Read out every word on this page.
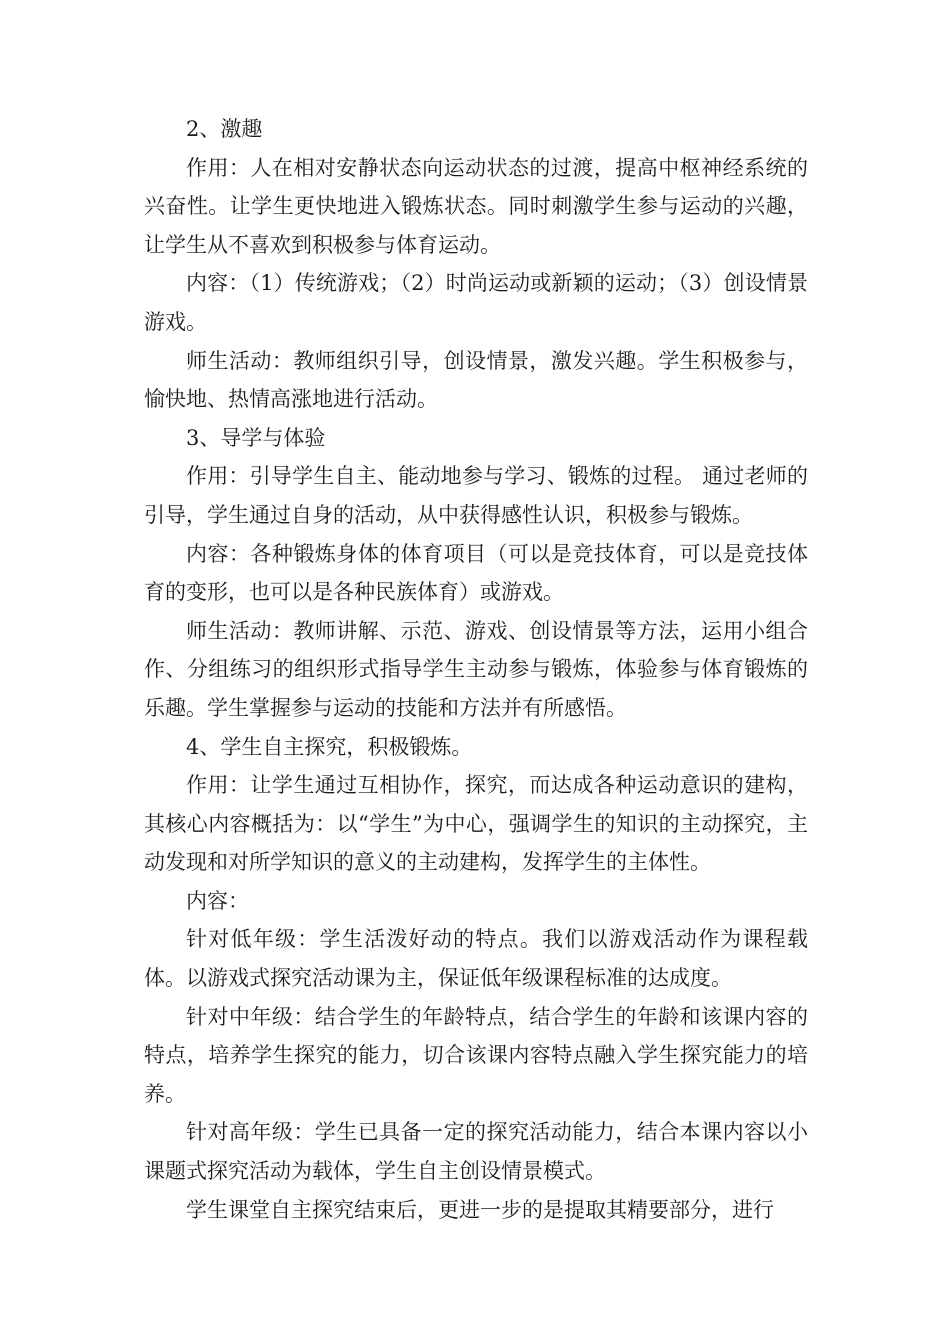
2、激趣

作用：人在相对安静状态向运动状态的过渡，提高中枢神经系统的兴奋性。让学生更快地进入锻炼状态。同时刺激学生参与运动的兴趣，让学生从不喜欢到积极参与体育运动。

内容：（1）传统游戏；（2）时尚运动或新颖的运动；（3）创设情景游戏。

师生活动：教师组织引导，创设情景，激发兴趣。学生积极参与，愉快地、热情高涨地进行活动。

3、导学与体验

作用：引导学生自主、能动地参与学习、锻炼的过程。 通过老师的引导，学生通过自身的活动，从中获得感性认识，积极参与锻炼。

内容：各种锻炼身体的体育项目（可以是竞技体育，可以是竞技体育的变形，也可以是各种民族体育）或游戏。

师生活动：教师讲解、示范、游戏、创设情景等方法，运用小组合作、分组练习的组织形式指导学生主动参与锻炼，体验参与体育锻炼的乐趣。学生掌握参与运动的技能和方法并有所感悟。

4、学生自主探究，积极锻炼。

作用：让学生通过互相协作，探究，而达成各种运动意识的建构，其核心内容概括为：以“学生”为中心，强调学生的知识的主动探究，主动发现和对所学知识的意义的主动建构，发挥学生的主体性。

内容：

针对低年级：学生活泼好动的特点。我们以游戏活动作为课程载体。以游戏式探究活动课为主，保证低年级课程标准的达成度。

针对中年级：结合学生的年龄特点，结合学生的年龄和该课内容的特点，培养学生探究的能力，切合该课内容特点融入学生探究能力的培养。

针对高年级：学生已具备一定的探究活动能力，结合本课内容以小课题式探究活动为载体，学生自主创设情景模式。

学生课堂自主探究结束后，更进一步的是提取其精要部分，进行
